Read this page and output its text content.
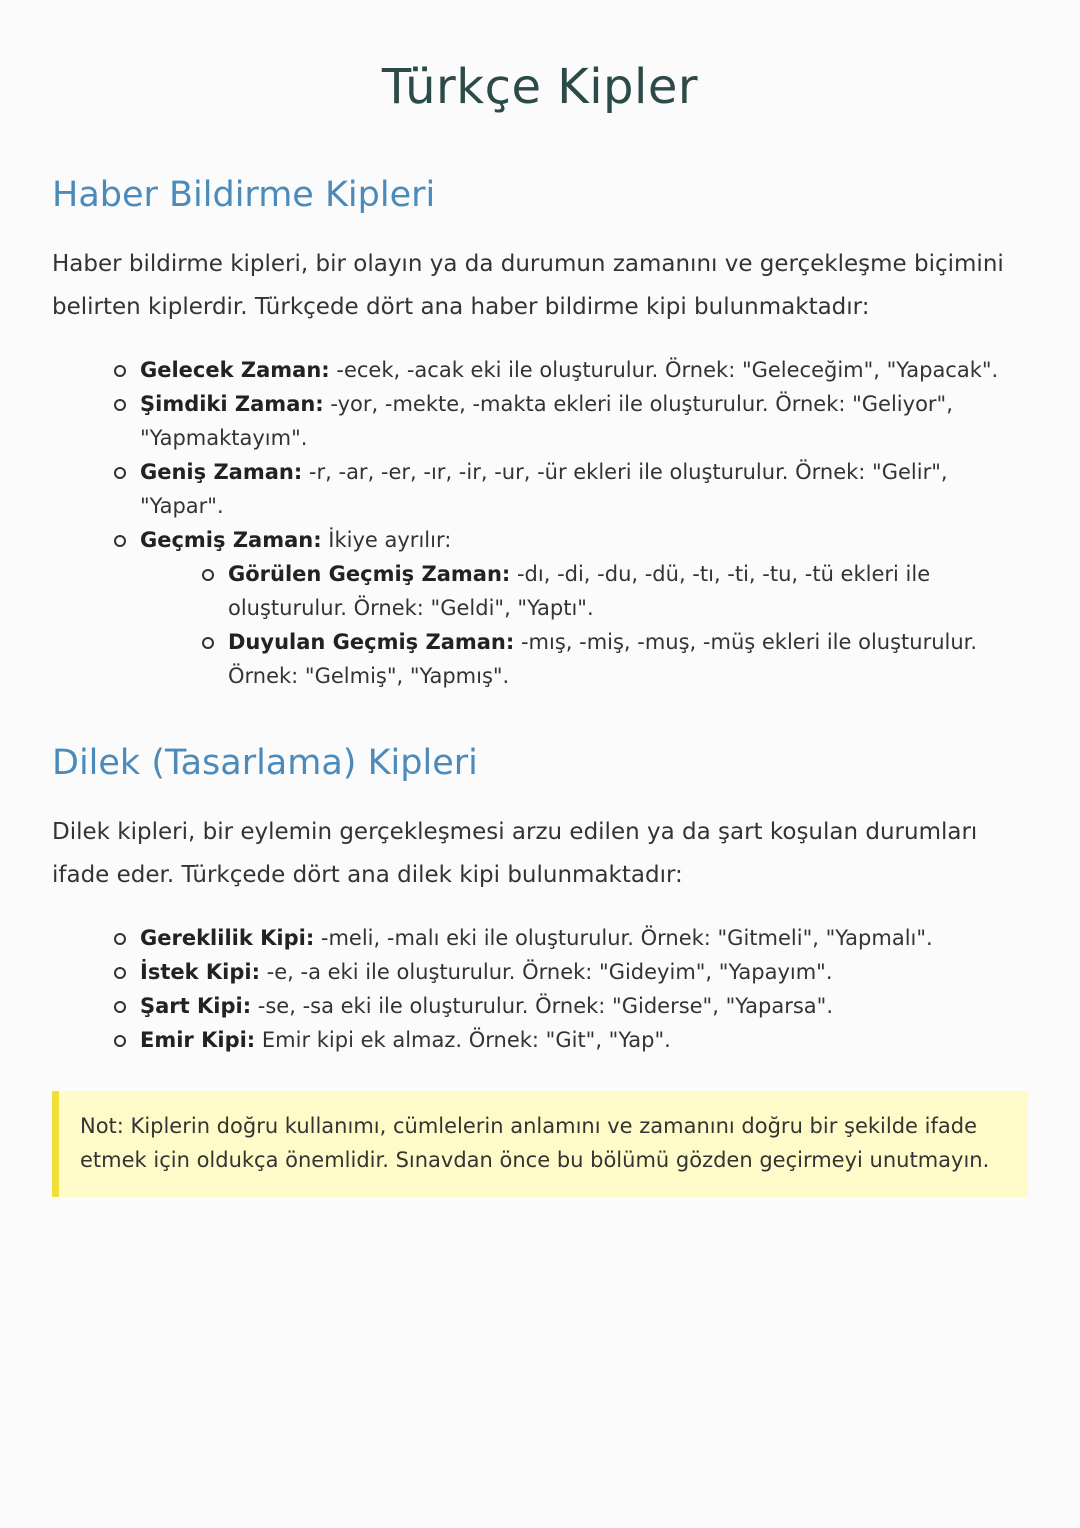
Türkçe Kipler
Haber Bildirme Kipleri

Haber bildirme kipleri, bir olayın ya da durumun zamanını ve gerçekleşme biçimini belirten kiplerdir. Türkçede dört ana haber bildirme kipi bulunmaktadır:

Gelecek Zaman: -ecek, -acak eki ile oluşturulur. Örnek: "Geleceğim", "Yapacak".
Şimdiki Zaman: -yor, -mekte, -makta ekleri ile oluşturulur. Örnek: "Geliyor", "Yapmaktayım".
Geniş Zaman: -r, -ar, -er, -ır, -ir, -ur, -ür ekleri ile oluşturulur. Örnek: "Gelir", "Yapar".
Geçmiş Zaman: İkiye ayrılır:
Görülen Geçmiş Zaman: -dı, -di, -du, -dü, -tı, -ti, -tu, -tü ekleri ile oluşturulur. Örnek: "Geldi", "Yaptı".
Duyulan Geçmiş Zaman: -mış, -miş, -muş, -müş ekleri ile oluşturulur. Örnek: "Gelmiş", "Yapmış".
Dilek (Tasarlama) Kipleri

Dilek kipleri, bir eylemin gerçekleşmesi arzu edilen ya da şart koşulan durumları ifade eder. Türkçede dört ana dilek kipi bulunmaktadır:

Gereklilik Kipi: -meli, -malı eki ile oluşturulur. Örnek: "Gitmeli", "Yapmalı".
İstek Kipi: -e, -a eki ile oluşturulur. Örnek: "Gideyim", "Yapayım".
Şart Kipi: -se, -sa eki ile oluşturulur. Örnek: "Giderse", "Yaparsa".
Emir Kipi: Emir kipi ek almaz. Örnek: "Git", "Yap".
Not: Kiplerin doğru kullanımı, cümlelerin anlamını ve zamanını doğru bir şekilde ifade etmek için oldukça önemlidir. Sınavdan önce bu bölümü gözden geçirmeyi unutmayın.
